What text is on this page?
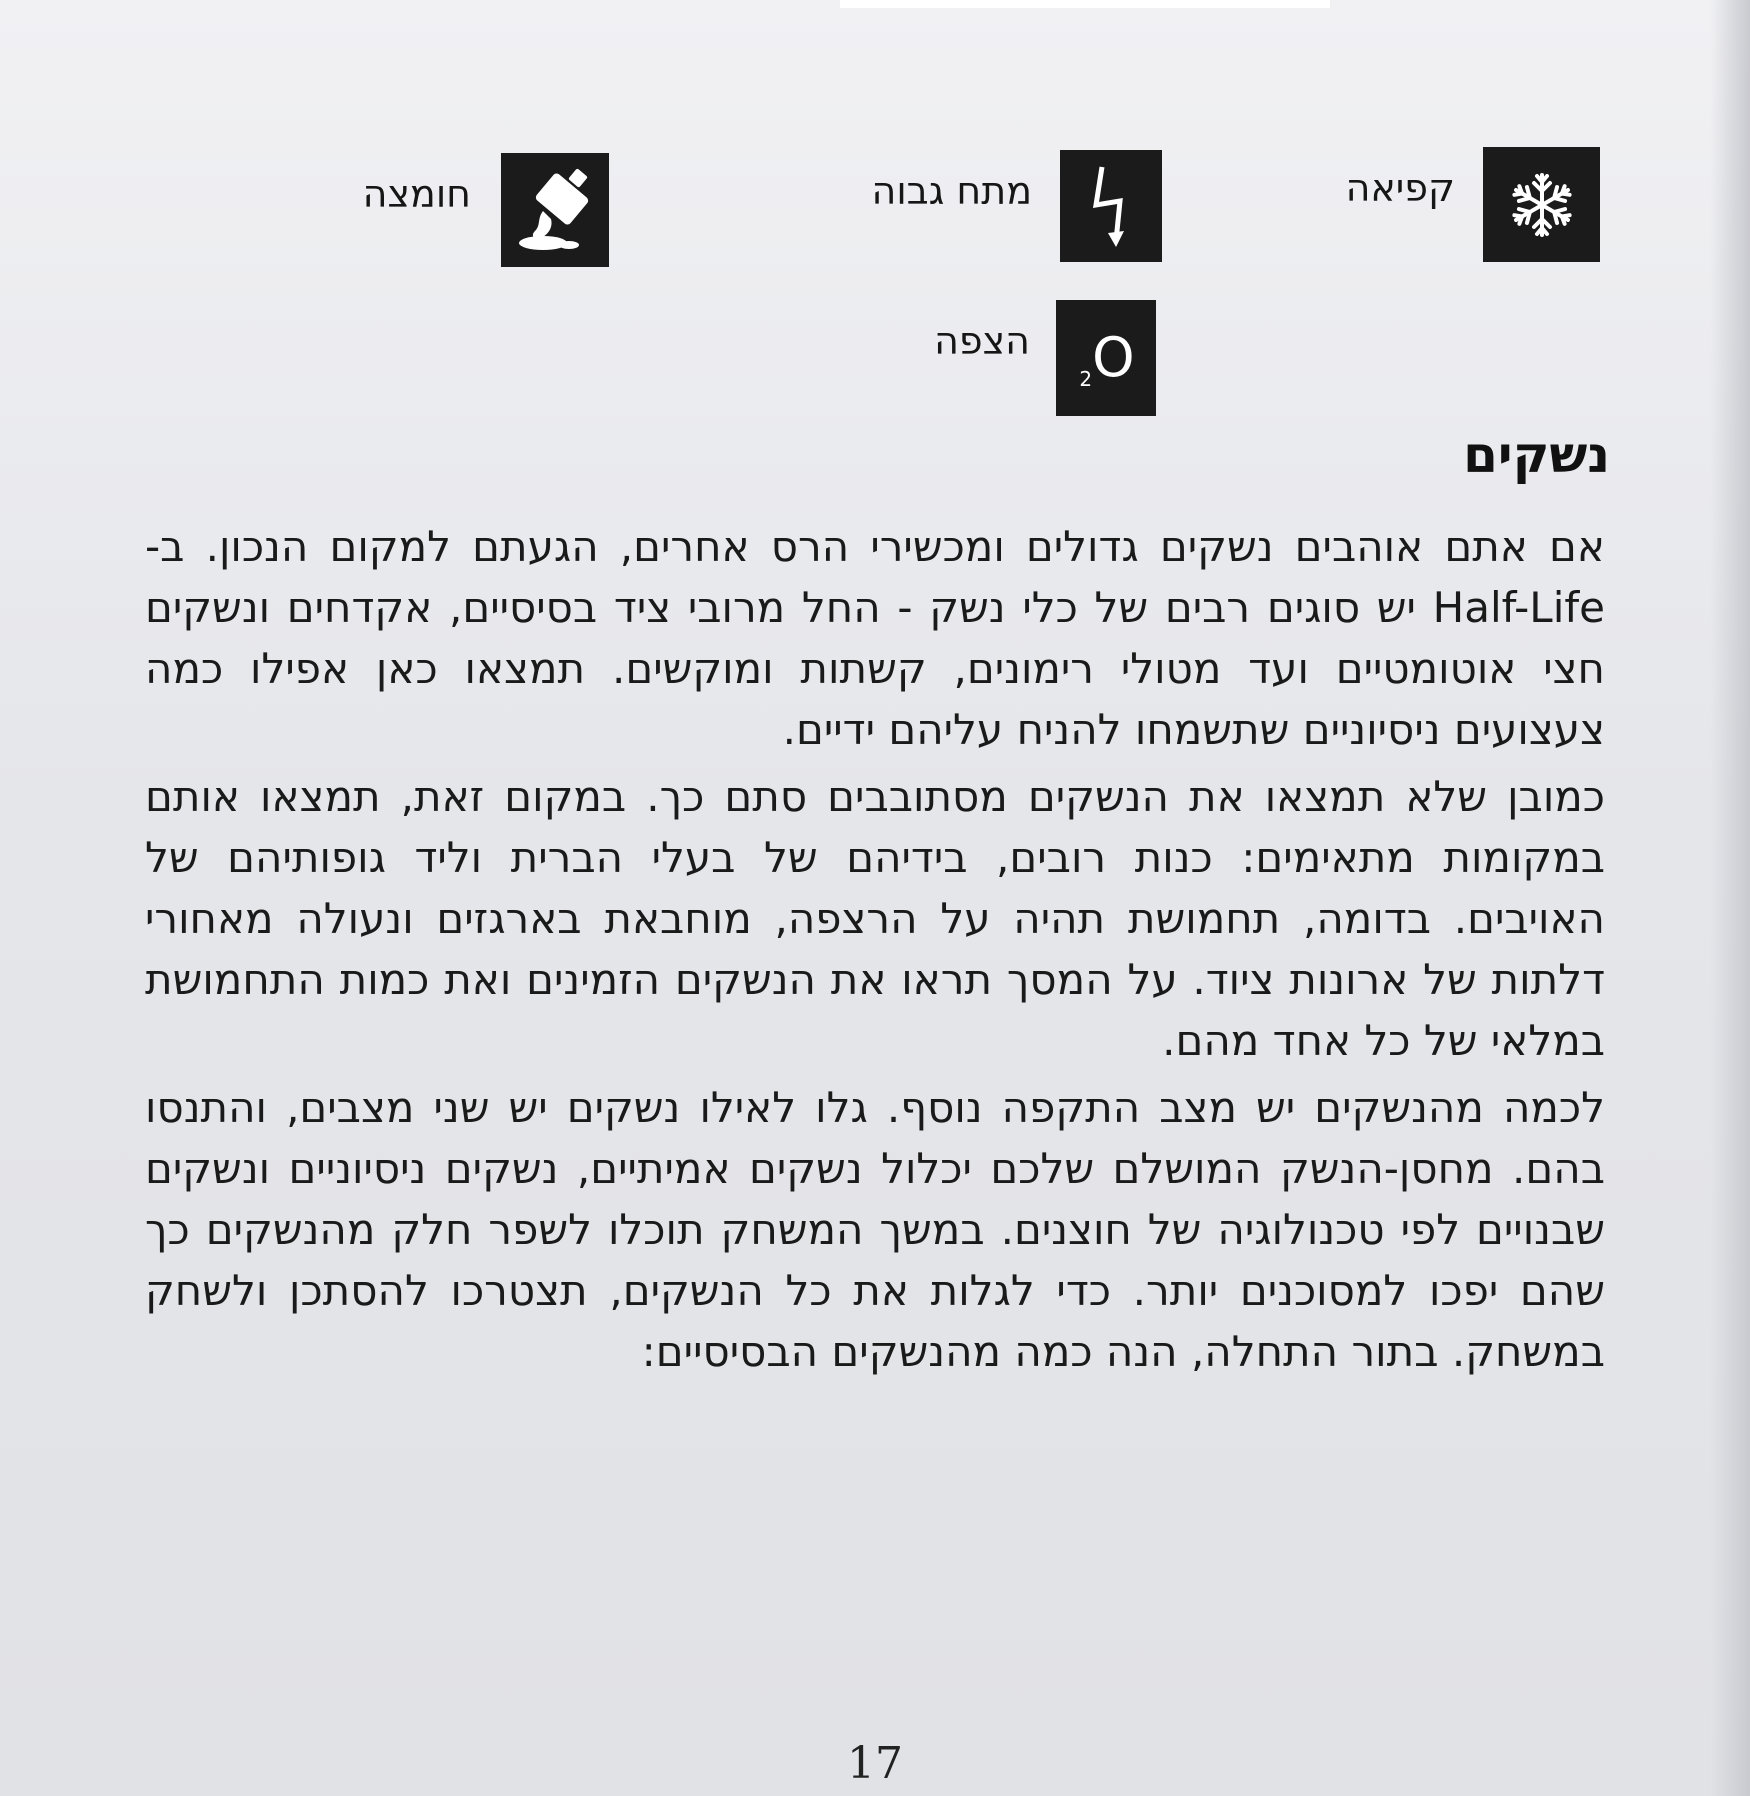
קפיאה
מתח גבוה
חומצה
O
$_2$
הצפה
נשקים

אם אתם אוהבים נשקים גדולים ומכשירי הרס אחרים, הגעתם למקום הנכון. ב-Half-Life יש סוגים רבים של כלי נשק - החל מרובי ציד בסיסיים, אקדחים ונשקים חצי אוטומטיים ועד מטולי רימונים, קשתות ומוקשים. תמצאו כאן אפילו כמה צעצועים ניסיוניים שתשמחו להניח עליהם ידיים.

כמובן שלא תמצאו את הנשקים מסתובבים סתם כך. במקום זאת, תמצאו אותם במקומות מתאימים: כנות רובים, בידיהם של בעלי הברית וליד גופותיהם של האויבים. בדומה, תחמושת תהיה על הרצפה, מוחבאת בארגזים ונעולה מאחורי דלתות של ארונות ציוד. על המסך תראו את הנשקים הזמינים ואת כמות התחמושת במלאי של כל אחד מהם.

לכמה מהנשקים יש מצב התקפה נוסף. גלו לאילו נשקים יש שני מצבים, והתנסו בהם. מחסן-הנשק המושלם שלכם יכלול נשקים אמיתיים, נשקים ניסיוניים ונשקים שבנויים לפי טכנולוגיה של חוצנים. במשך המשחק תוכלו לשפר חלק מהנשקים כך שהם יפכו למסוכנים יותר. כדי לגלות את כל הנשקים, תצטרכו להסתכן ולשחק במשחק. בתור התחלה, הנה כמה מהנשקים הבסיסיים:

17
